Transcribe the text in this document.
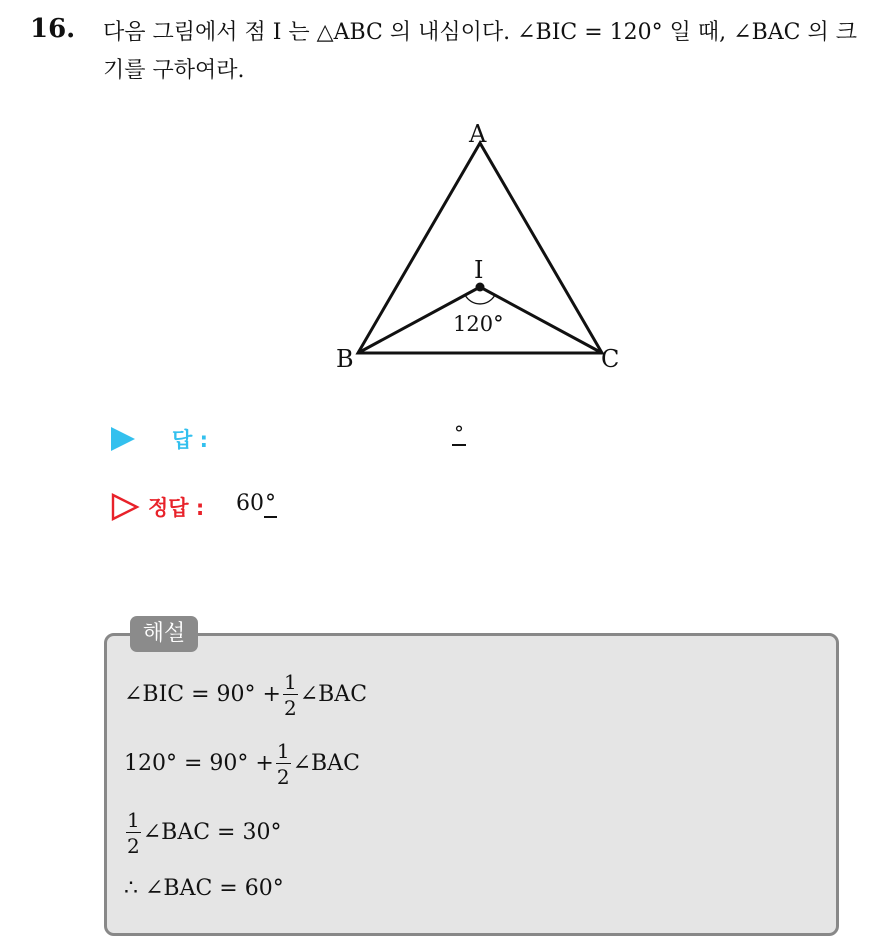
16. 다음 그림에서 점 I 는 △ABC 의 내심이다. ∠BIC = 120° 일 때, ∠BAC 의 크기를 구하여라.

A
B	C
I
120°
답 :	°
정답 : 60°
해설
∠BIC = $90^\circ + \frac{1}{2}$ ∠BAC
$120^\circ = 90^\circ + \frac{1}{2}$ ∠BAC
$\frac{1}{2}$ ∠BAC = 30°
∴ ∠BAC = 60°
